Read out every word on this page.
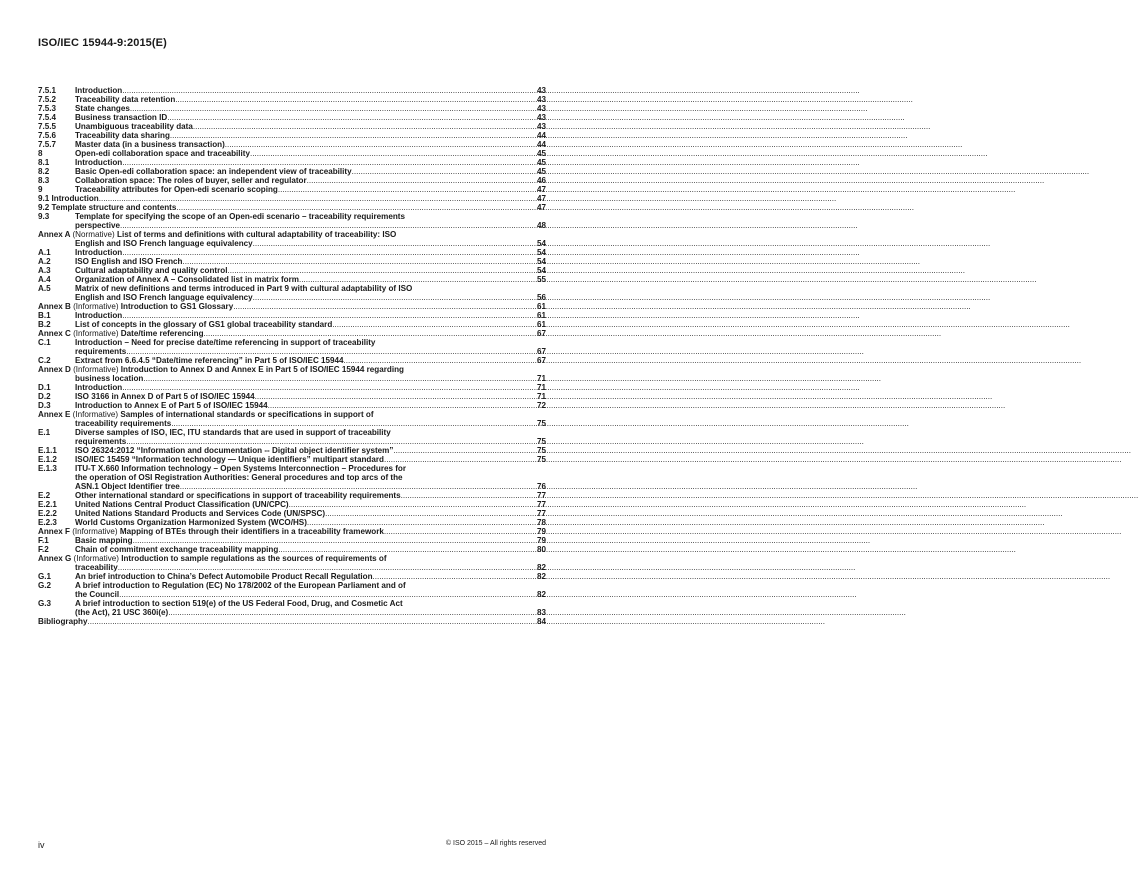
ISO/IEC 15944-9:2015(E)
7.5.1	Introduction .....	43
7.5.2	Traceability data retention .....	43
7.5.3	State changes .....	43
7.5.4	Business transaction ID .....	43
7.5.5	Unambiguous traceability data .....	43
7.5.6	Traceability data sharing .....	44
7.5.7	Master data (in a business transaction) .....	44
8	Open-edi collaboration space and traceability .....	45
8.1	Introduction .....	45
8.2	Basic Open-edi collaboration space: an independent view of traceability .....	45
8.3	Collaboration space: The roles of buyer, seller and regulator .....	46
9	Traceability attributes for Open-edi scenario scoping .....	47
9.1 Introduction .....	47
9.2 Template structure and contents .....	47
9.3	Template for specifying the scope of an Open-edi scenario – traceability requirements
perspective .....	48
Annex A (Normative) List of terms and definitions with cultural adaptability of traceability: ISO
English and ISO French language equivalency .....	54
A.1	Introduction .....	54
A.2	ISO English and ISO French .....	54
A.3	Cultural adaptability and quality control .....	54
A.4	Organization of Annex A – Consolidated list in matrix form .....	55
A.5	Matrix of new definitions and terms introduced in Part 9 with cultural adaptability of ISO
English and ISO French language equivalency .....	56
Annex B (Informative) Introduction to GS1 Glossary .....	61
B.1	Introduction .....	61
B.2	List of concepts in the glossary of GS1 global traceability standard .....	61
Annex C (Informative) Date/time referencing .....	67
C.1	Introduction – Need for precise date/time referencing in support of traceability
requirements .....	67
C.2	Extract from 6.6.4.5 “Date/time referencing” in Part 5 of ISO/IEC 15944 .....	67
Annex D (Informative) Introduction to Annex D and Annex E in Part 5 of ISO/IEC 15944 regarding
business location .....	71
D.1	Introduction .....	71
D.2	ISO 3166 in Annex D of Part 5 of ISO/IEC 15944 .....	71
D.3	Introduction to Annex E of Part 5 of ISO/IEC 15944 .....	72
Annex E (Informative) Samples of international standards or specifications in support of
traceability requirements .....	75
E.1	Diverse samples of ISO, IEC, ITU standards that are used in support of traceability
requirements .....	75
E.1.1	ISO 26324:2012 “Information and documentation -- Digital object identifier system” .....	75
E.1.2	ISO/IEC 15459 “Information technology — Unique identifiers” multipart standard .....	75
E.1.3	ITU-T X.660 Information technology – Open Systems Interconnection – Procedures for
the operation of OSI Registration Authorities: General procedures and top arcs of the
ASN.1 Object Identifier tree .....	76
E.2	Other international standard or specifications in support of traceability requirements .....	77
E.2.1	United Nations Central Product Classification (UN/CPC) .....	77
E.2.2	United Nations Standard Products and Services Code (UN/SPSC) .....	77
E.2.3	World Customs Organization Harmonized System (WCO/HS) .....	78
Annex F (Informative) Mapping of BTEs through their identifiers in a traceability framework .....	79
F.1	Basic mapping .....	79
F.2	Chain of commitment exchange traceability mapping .....	80
Annex G (Informative) Introduction to sample regulations as the sources of requirements of
traceability .....	82
G.1	An brief introduction to China’s Defect Automobile Product Recall Regulation .....	82
G.2	A brief introduction to Regulation (EC) No 178/2002 of the European Parliament and of
the Council .....	82
G.3	A brief introduction to section 519(e) of the US Federal Food, Drug, and Cosmetic Act
(the Act), 21 USC 360i(e) .....	83
Bibliography .....	84
iv	© ISO 2015 – All rights reserved
